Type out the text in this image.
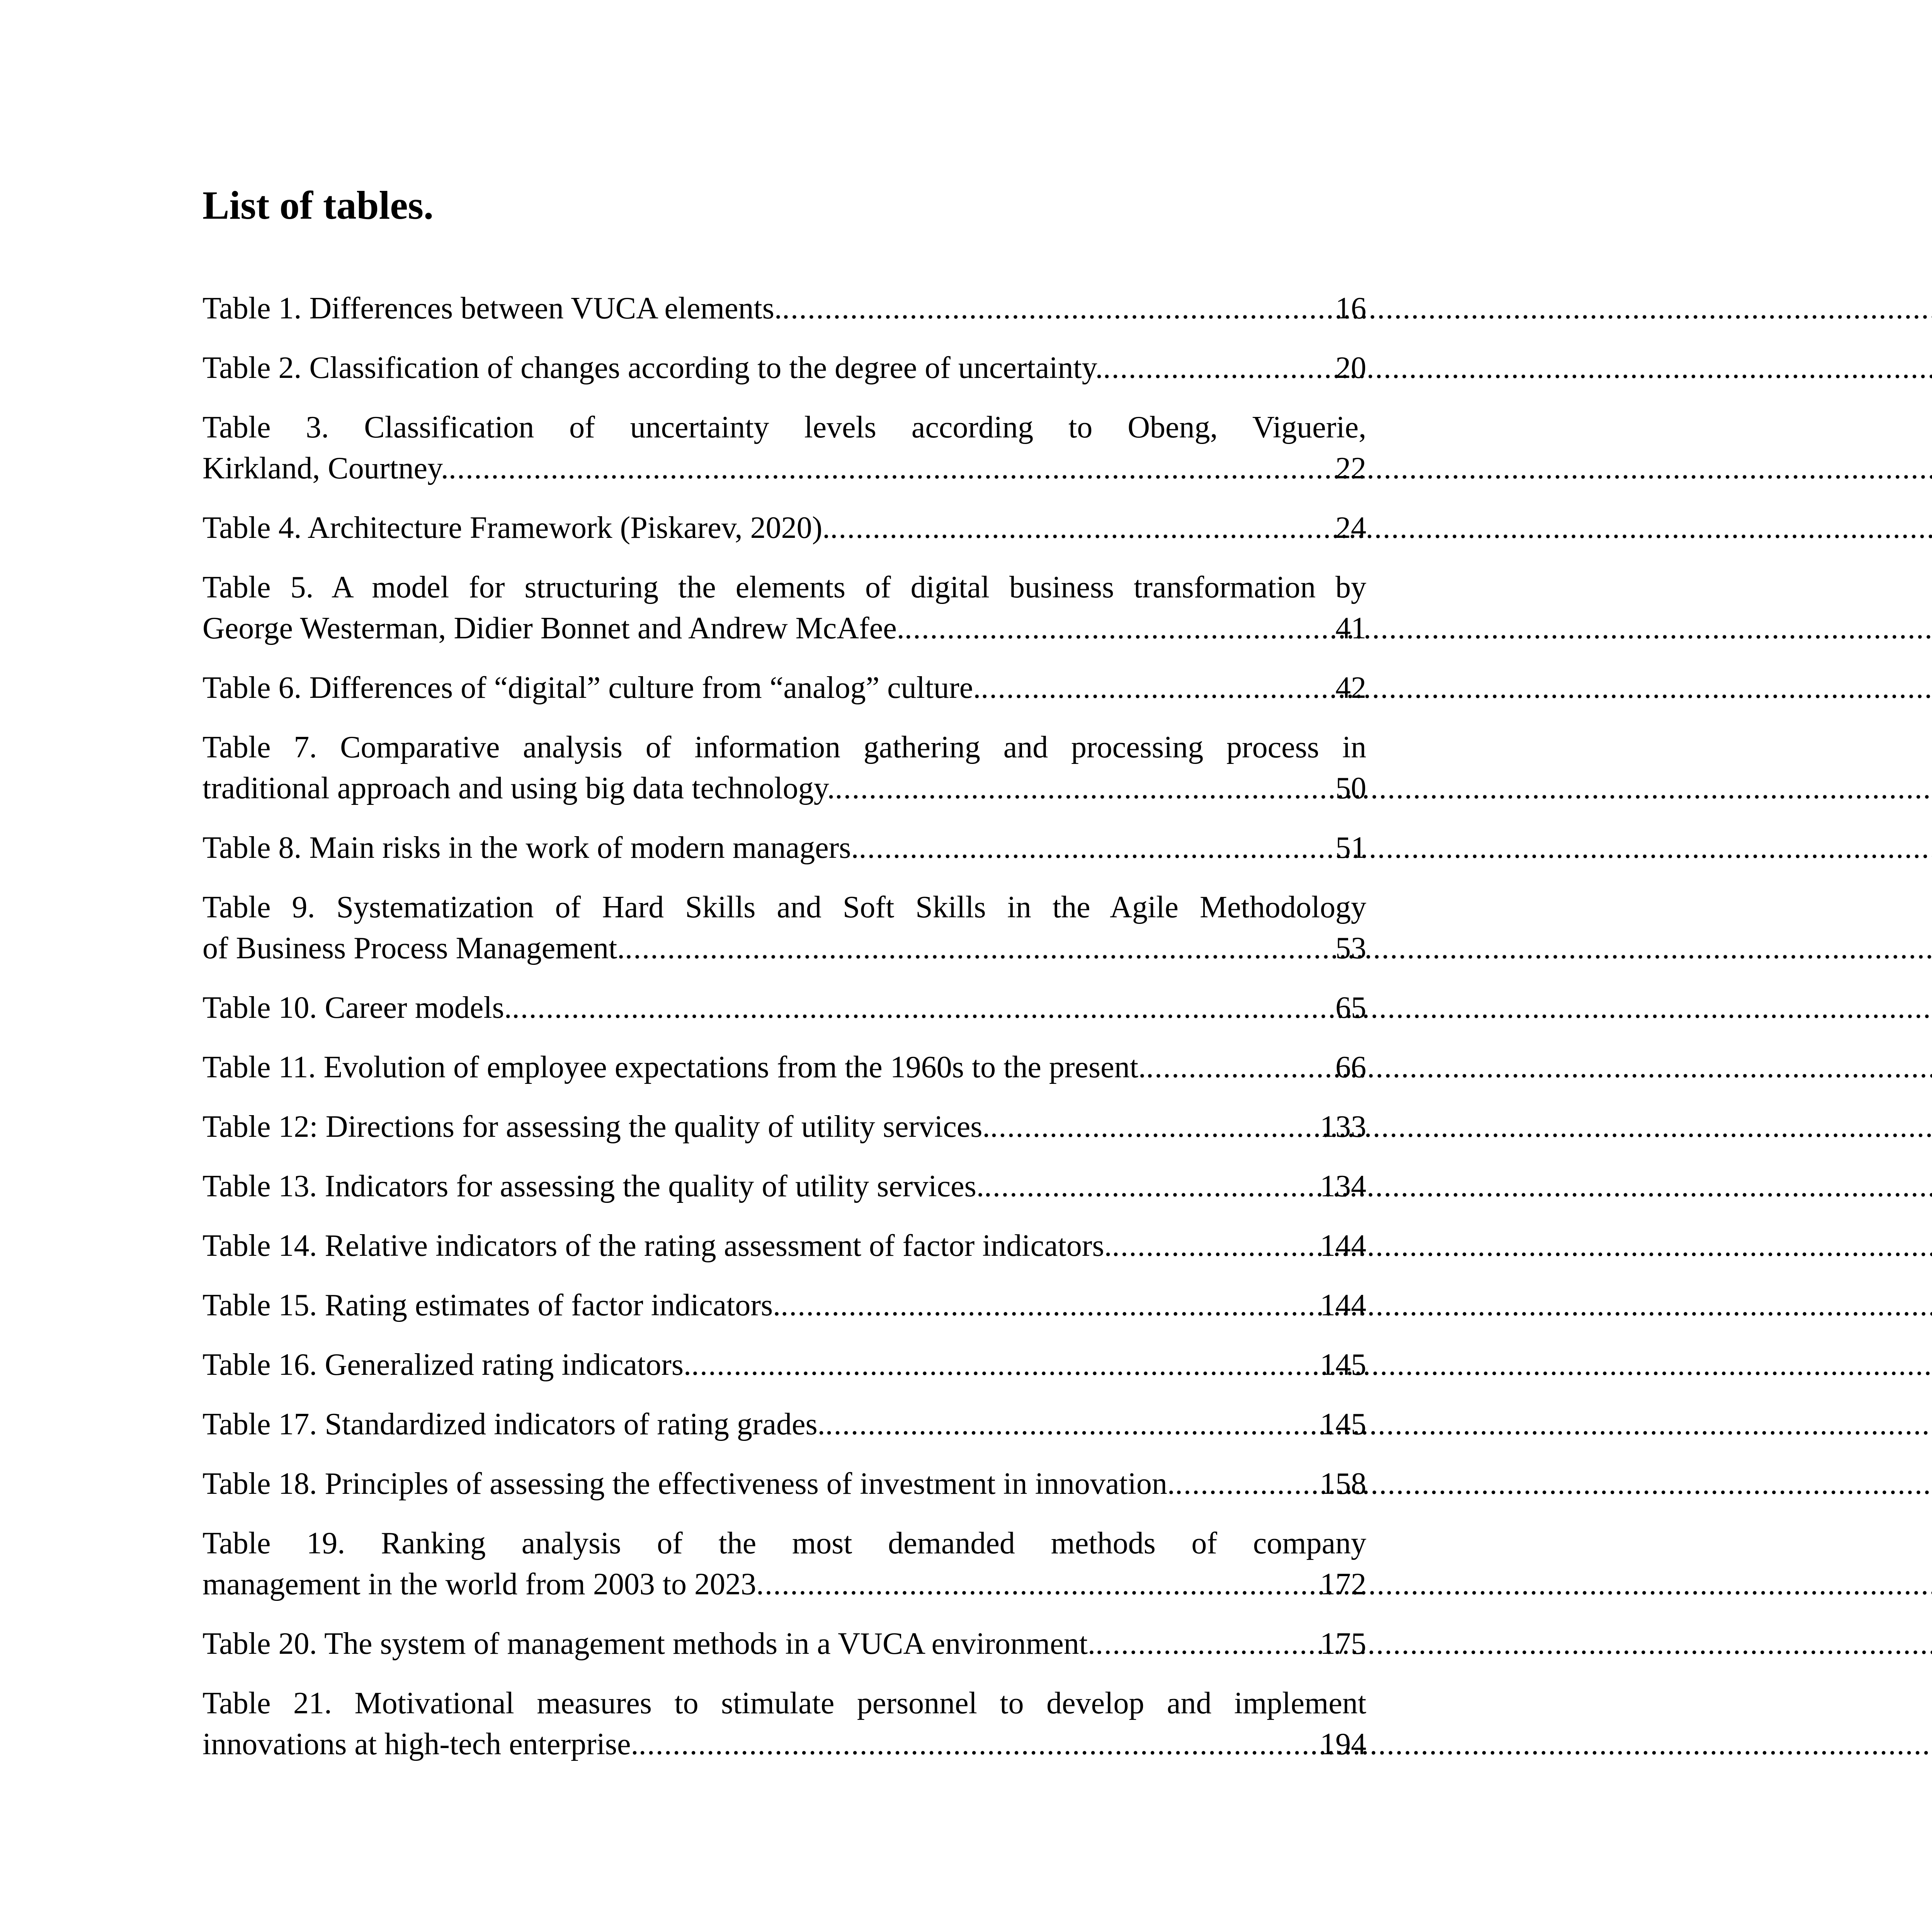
List of tables.
Table 1. Differences between VUCA elements. .....	16
Table 2. Classification of changes according to the degree of uncertainty. .....	20
Table 3. Classification of uncertainty levels according to Obeng, Viguerie,
Kirkland, Courtney. .....	22
Table 4. Architecture Framework (Piskarev, 2020). .....	24
Table 5. A model for structuring the elements of digital business transformation by
George Westerman, Didier Bonnet and Andrew McAfee. .....	41
Table 6. Differences of “digital” culture from “analog” culture. .....	42
Table 7. Comparative analysis of information gathering and processing process in
traditional approach and using big data technology. .....	50
Table 8. Main risks in the work of modern managers. .....	51
Table 9. Systematization of Hard Skills and Soft Skills in the Agile Methodology
of Business Process Management. .....	53
Table 10. Career models. .....	65
Table 11. Evolution of employee expectations from the 1960s to the present. .....	66
Table 12: Directions for assessing the quality of utility services. .....	133
Table 13. Indicators for assessing the quality of utility services. .....	134
Table 14. Relative indicators of the rating assessment of factor indicators. .....	144
Table 15. Rating estimates of factor indicators. .....	144
Table 16. Generalized rating indicators. .....	145
Table 17. Standardized indicators of rating grades. .....	145
Table 18. Principles of assessing the effectiveness of investment in innovation. .....	158
Table 19. Ranking analysis of the most demanded methods of company
management in the world from 2003 to 2023 .....	172
Table 20. The system of management methods in a VUCA environment. .....	175
Table 21. Motivational measures to stimulate personnel to develop and implement
innovations at high-tech enterprise. .....	194
